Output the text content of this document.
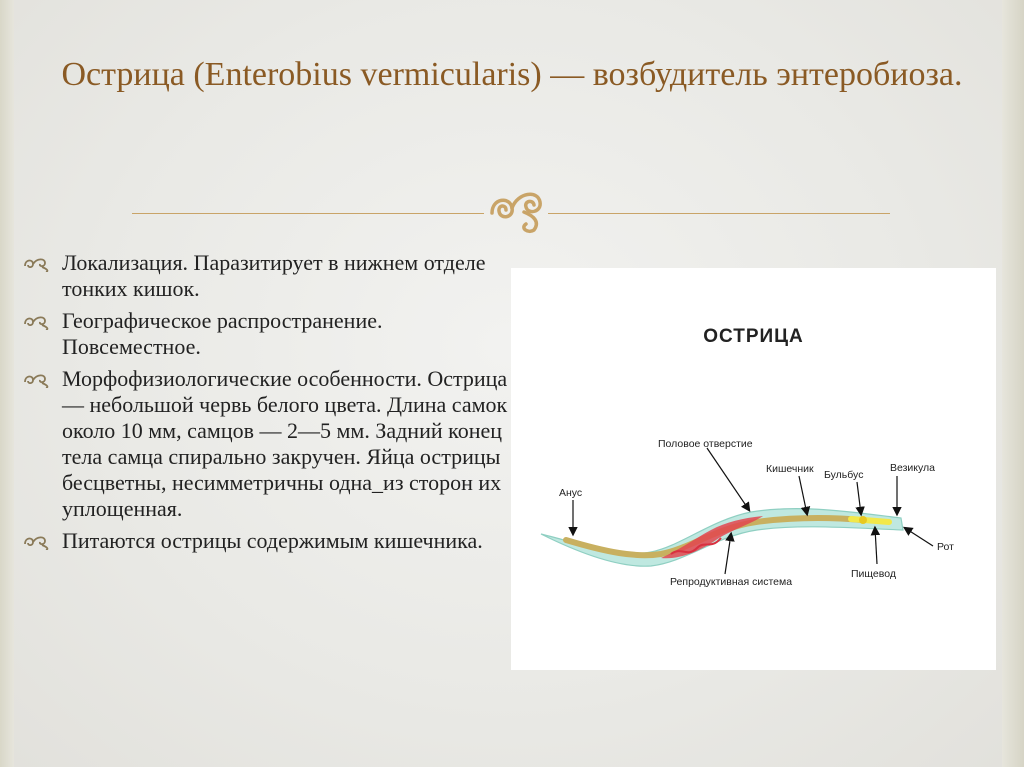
Острица (Enterobius vermicularis) — возбудитель энтеробиоза.
Локализация. Паразитирует в нижнем отделе тонких кишок.
Географическое распространение. Повсеместное.
Морфофизиологические особенности. Острица — небольшой червь белого цвета. Длина самок около 10 мм, самцов — 2—5 мм. Задний конец тела самца спирально закручен. Яйца острицы бесцветны, несимметричны одна_из сторон их уплощенная.
Питаются острицы содержимым кишечника.
ОСТРИЦА
Половое отверстие
Анус
Кишечник Бульбус
Везикула
Рот
Пищевод
Репродуктивная система
